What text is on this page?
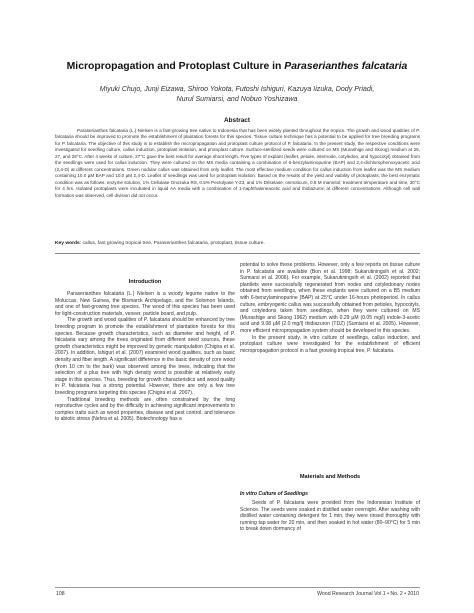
Micropropagation and Protoplast Culture in Paraserianthes falcataria
Miyuki Chujo, Junji Eizawa, Shiroo Yokota, Futoshi Ishiguri, Kazuya Iizuka, Dody Priadi,
Nurul Sumiarsi, and Nobuo Yoshizawa
Abstract

Paraserianthes falcataria (L.) Nielsen is a fast-growing tree native to Indonesia that has been widely planted throughout the tropics. The growth and wood qualities of P. falcataria should be improved to promote the establishment of plantation forests for this species. Tissue culture technique has a potential to be applied for tree breeding programs for P. falcataria. The objective of this study is to establish the micropropagation and protoplast culture protocol of P. falcataria. In the present study, the respective conditions were investigated for seedling culture, callus induction, protoplast isolation, and protoplast culture. Surface-sterilized seeds were cultured on MS (Murashige and Skoog) medium at 25, 27, and 29°C. After 4 weeks of culture, 27°C gave the best result for average shoot length. Five types of explant (leaflet, petiole, internode, cotyledon, and hypocotyl) obtained from the seedlings were used for callus induction. They were cultured on the MS media containing a combination of 6-benzylaminopurine (BAP) and 2,4-dichlorophenoxyacetic acid (2,4-D) at different concentrations. Green nodular callus was obtained from only leaflet. The most effective medium condition for callus induction from leaflet was the MS medium containing 10.0 µM BAP and 10.0 µM 2,4-D. Leaflet of seedlings was used for protoplast isolation. Based on the results of the yield and viability of protoplasts, the best enzymatic condition was as follows: enzyme solution, 1% Cellulase Onozuka RS, 0.5% Pectolyase Y-23, and 1% Driselase; osmoticum, 0.8 M mannitol; treatment temperature and time, 30°C for 4 hrs. Isolated protoplasts were incubated in liquid AA media with a combination of 1-naphthaleneacetic acid and thidiazuron at different concentrations. Although cell wall formation was observed, cell division did not occur.

Key words: callus, fast growing tropical tree, Paraserianthes falcataria, protoplast, tissue culture.
Introduction

Paraserianthes falcataria (L.) Nielsen is a woody legume native to the Moluccas, New Guinea, the Bismarck Archipelago, and the Solomon Islands, and one of fast-growing tree species. The wood of this species has been used for light-construction materials, veneer, particle board, and pulp.

The growth and wood qualities of P. falcataria should be enhanced by tree breeding program to promote the establishment of plantation forests for this species. Because growth characteristics, such as diameter and height, of P. falcataria vary among the trees originated from different seed sources, these growth characteristics might be improved by genetic manipulation (Chigira et al. 2007). In addition, Ishiguri et al. (2007) examined wood qualities, such as basic density and fiber length. A significant difference in the basic density of core wood (from 10 cm to the bark) was observed among the trees, indicating that the selection of a plus tree with high density wood is possible at relatively early stage in this species. Thus, breeding for growth characteristics and wood quality in P. falcataria has a strong potential. However, there are only a few tree breeding programs targeting this species (Chigira et al. 2007).

Traditional breeding methods are often constrained by the long reproductive cycles and by the difficulty in achieving significant improvements to complex traits such as wood properties, disease and pest control, and tolerance to abiotic stress (Nehra et al. 2005). Biotechnology has a

potential to solve these problems. However, only a few reports on tissue culture in P. falcataria are available (Bon et al. 1998; Sukarutiningsih et al. 2002; Sumiarsi et al. 2006). For example, Sukarutiningsih et al. (2002) reported that plantlets were successfully regenerated from nodes and cotyledonary nodes obtained from seedlings, when these explants were cultured on a B5 medium with 6-benzylaminopurine (BAP) at 25°C under 16-hours photoperiod. In callus culture, embryogenic callus was successfully obtained from petioles, hypocotyls, and cotyledons taken from seedlings, when they were cultured on MS (Murashige and Skoog 1962) medium with 0.29 µM (0.05 mg/l) indole-3-acetic acid and 9.08 µM (2.0 mg/l) thidiazuron (TDZ) (Sumiarsi et al. 2005). However, more efficient micropropagation system should be developed in this species.

In the present study, in vitro culture of seedlings, callus induction, and protoplast culture were investigated for the establishment of efficient micropropagation protocol in a fast growing tropical tree, P. falcataria.

Materials and Methods
In vitro Culture of Seedlings

Seeds of P. falcataria were provided from the Indonesian Institute of Science. The seeds were soaked in distilled water overnight. After washing with distilled water containing detergent for 1 min, they were rinsed thoroughly with running tap water for 20 min, and then soaked in hot water (80–90°C) for 5 min to break down dormancy of

108	Wood Research Journal Vol.1 • No. 2 • 2010
